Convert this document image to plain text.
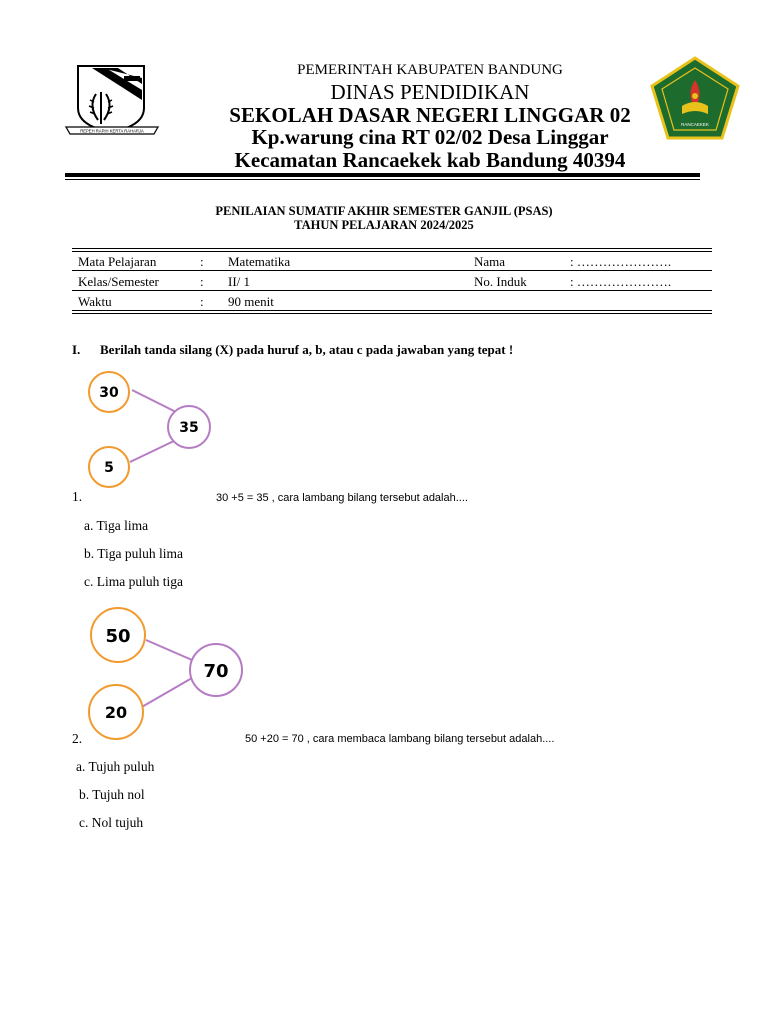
REPEH RAPIH KERTA RAHARJA
RANCAEKEK
PEMERINTAH KABUPATEN BANDUNG
DINAS PENDIDIKAN
SEKOLAH DASAR NEGERI LINGGAR 02
Kp.warung cina RT 02/02 Desa Linggar
Kecamatan Rancaekek kab Bandung 40394
PENILAIAN SUMATIF AKHIR SEMESTER GANJIL (PSAS)
TAHUN PELAJARAN 2024/2025
Mata Pelajaran	: Matematika	Nama	: ………………….
Kelas/Semester	: II/ 1	No. Induk	: ………………….
Waktu	: 90 menit
I. Berilah tanda silang (X) pada huruf a, b, atau c pada jawaban yang tepat !
30
5
35
1.	30 +5 = 35 , cara lambang bilang tersebut adalah....
a. Tiga lima
b. Tiga puluh lima
c. Lima puluh tiga
50
20
70
2.	50 +20 = 70 , cara membaca lambang bilang tersebut adalah....
a. Tujuh puluh
b. Tujuh nol
c. Nol tujuh
